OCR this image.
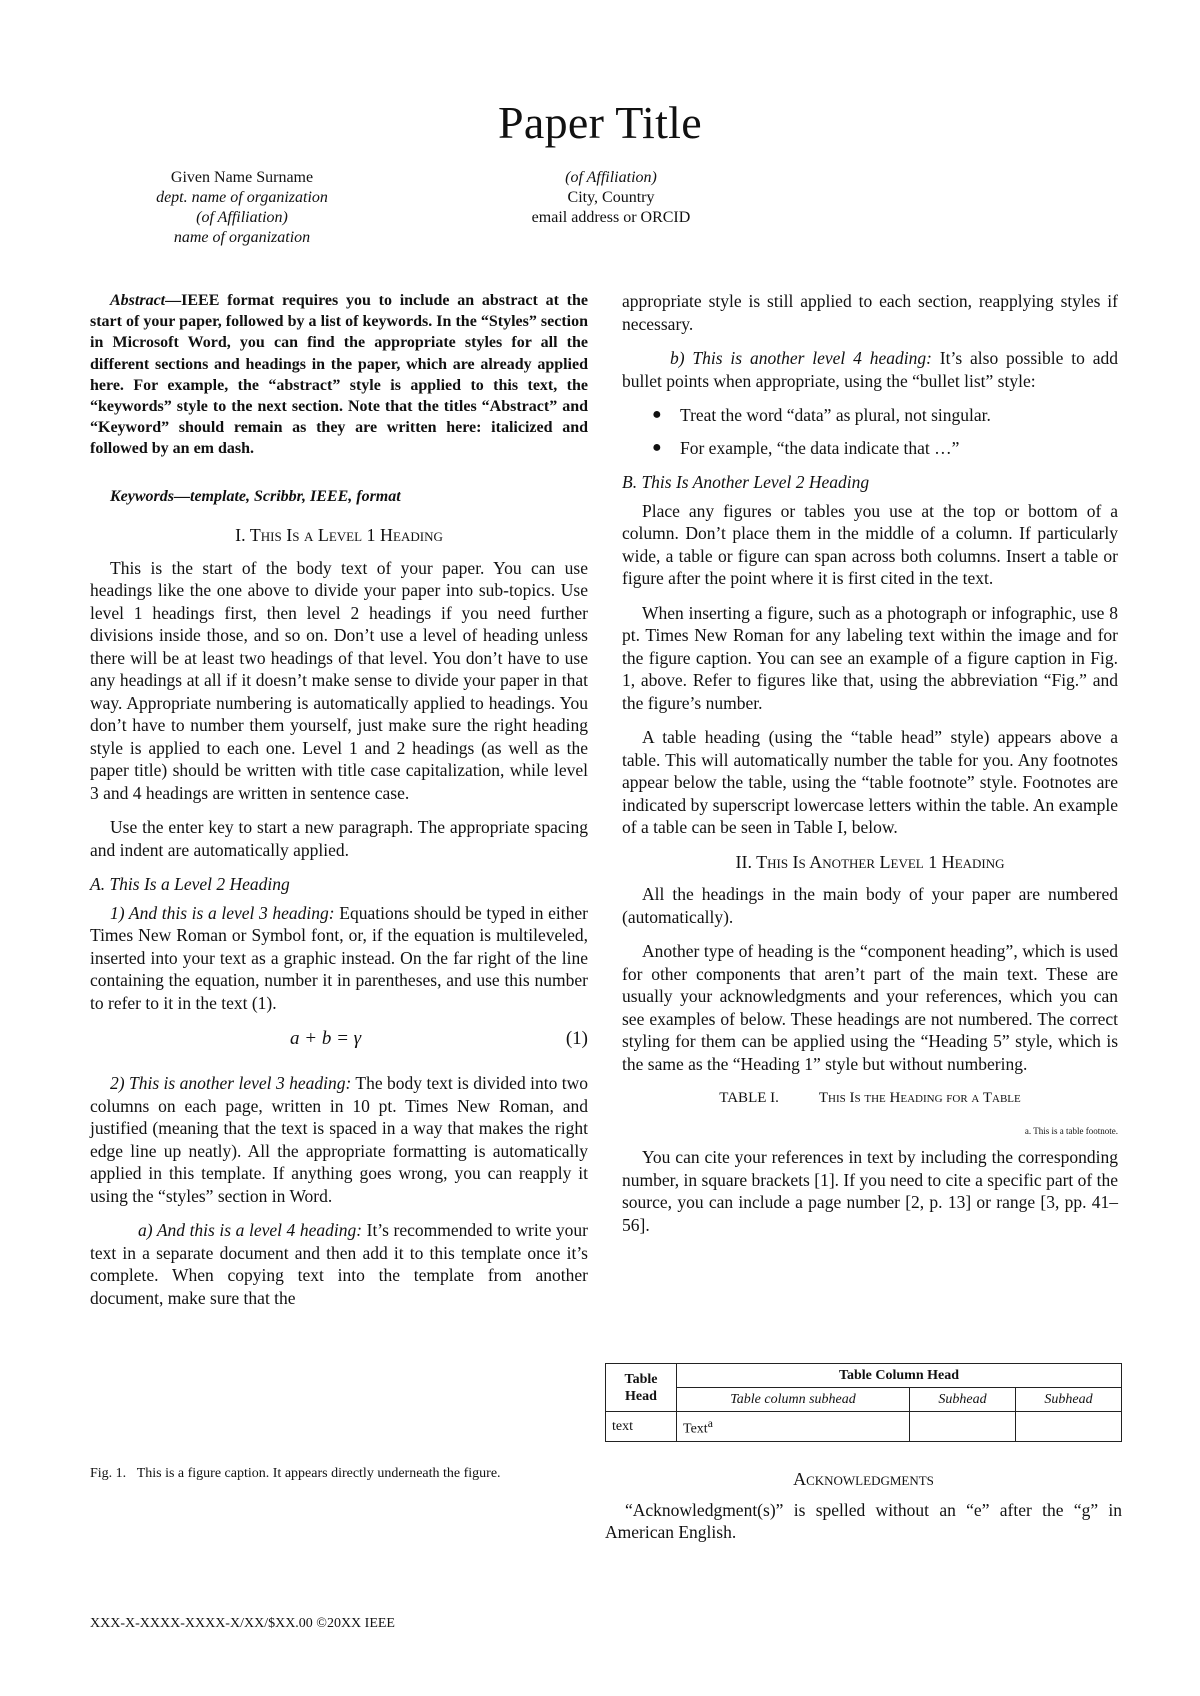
Paper Title
Given Name Surname
dept. name of organization
(of Affiliation)
name of organization
(of Affiliation)
City, Country
email address or ORCID

Abstract—IEEE format requires you to include an abstract at the start of your paper, followed by a list of keywords. In the “Styles” section in Microsoft Word, you can find the appropriate styles for all the different sections and headings in the paper, which are already applied here. For example, the “abstract” style is applied to this text, the “keywords” style to the next section. Note that the titles “Abstract” and “Keyword” should remain as they are written here: italicized and followed by an em dash.

Keywords—template, Scribbr, IEEE, format

I. This Is a Level 1 Heading

This is the start of the body text of your paper. You can use headings like the one above to divide your paper into sub-topics. Use level 1 headings first, then level 2 headings if you need further divisions inside those, and so on. Don’t use a level of heading unless there will be at least two headings of that level. You don’t have to use any headings at all if it doesn’t make sense to divide your paper in that way. Appropriate numbering is automatically applied to headings. You don’t have to number them yourself, just make sure the right heading style is applied to each one. Level 1 and 2 headings (as well as the paper title) should be written with title case capitalization, while level 3 and 4 headings are written in sentence case.

Use the enter key to start a new paragraph. The appropriate spacing and indent are automatically applied.

A. This Is a Level 2 Heading

1) And this is a level 3 heading: Equations should be typed in either Times New Roman or Symbol font, or, if the equation is multileveled, inserted into your text as a graphic instead. On the far right of the line containing the equation, number it in parentheses, and use this number to refer to it in the text (1).

a + b = γ	(1)

2) This is another level 3 heading: The body text is divided into two columns on each page, written in 10 pt. Times New Roman, and justified (meaning that the text is spaced in a way that makes the right edge line up neatly). All the appropriate formatting is automatically applied in this template. If anything goes wrong, you can reapply it using the “styles” section in Word.

a) And this is a level 4 heading: It’s recommended to write your text in a separate document and then add it to this template once it’s complete. When copying text into the template from another document, make sure that the

appropriate style is still applied to each section, reapplying styles if necessary.

b) This is another level 4 heading: It’s also possible to add bullet points when appropriate, using the “bullet list” style:

● Treat the word “data” as plural, not singular.
● For example, “the data indicate that …”

B. This Is Another Level 2 Heading

Place any figures or tables you use at the top or bottom of a column. Don’t place them in the middle of a column. If particularly wide, a table or figure can span across both columns. Insert a table or figure after the point where it is first cited in the text.

When inserting a figure, such as a photograph or infographic, use 8 pt. Times New Roman for any labeling text within the image and for the figure caption. You can see an example of a figure caption in Fig. 1, above. Refer to figures like that, using the abbreviation “Fig.” and the figure’s number.

A table heading (using the “table head” style) appears above a table. This will automatically number the table for you. Any footnotes appear below the table, using the “table footnote” style. Footnotes are indicated by superscript lowercase letters within the table. An example of a table can be seen in Table I, below.

II. This Is Another Level 1 Heading

All the headings in the main body of your paper are numbered (automatically).

Another type of heading is the “component heading”, which is used for other components that aren’t part of the main text. These are usually your acknowledgments and your references, which you can see examples of below. These headings are not numbered. The correct styling for them can be applied using the “Heading 5” style, which is the same as the “Heading 1” style but without numbering.

TABLE I.	This Is the Heading for a Table

a. This is a table footnote.

You can cite your references in text by including the corresponding number, in square brackets [1]. If you need to cite a specific part of the source, you can include a page number [2, p. 13] or range [3, pp. 41–56].

Table Head	Table Column Head		
	Table column subhead	Subhead	Subhead
text	Text$^a$		

Acknowledgments

“Acknowledgment(s)” is spelled without an “e” after the “g” in American English.

Fig. 1. This is a figure caption. It appears directly underneath the figure.
XXX-X-XXXX-XXXX-X/XX/$XX.00 ©20XX IEEE
